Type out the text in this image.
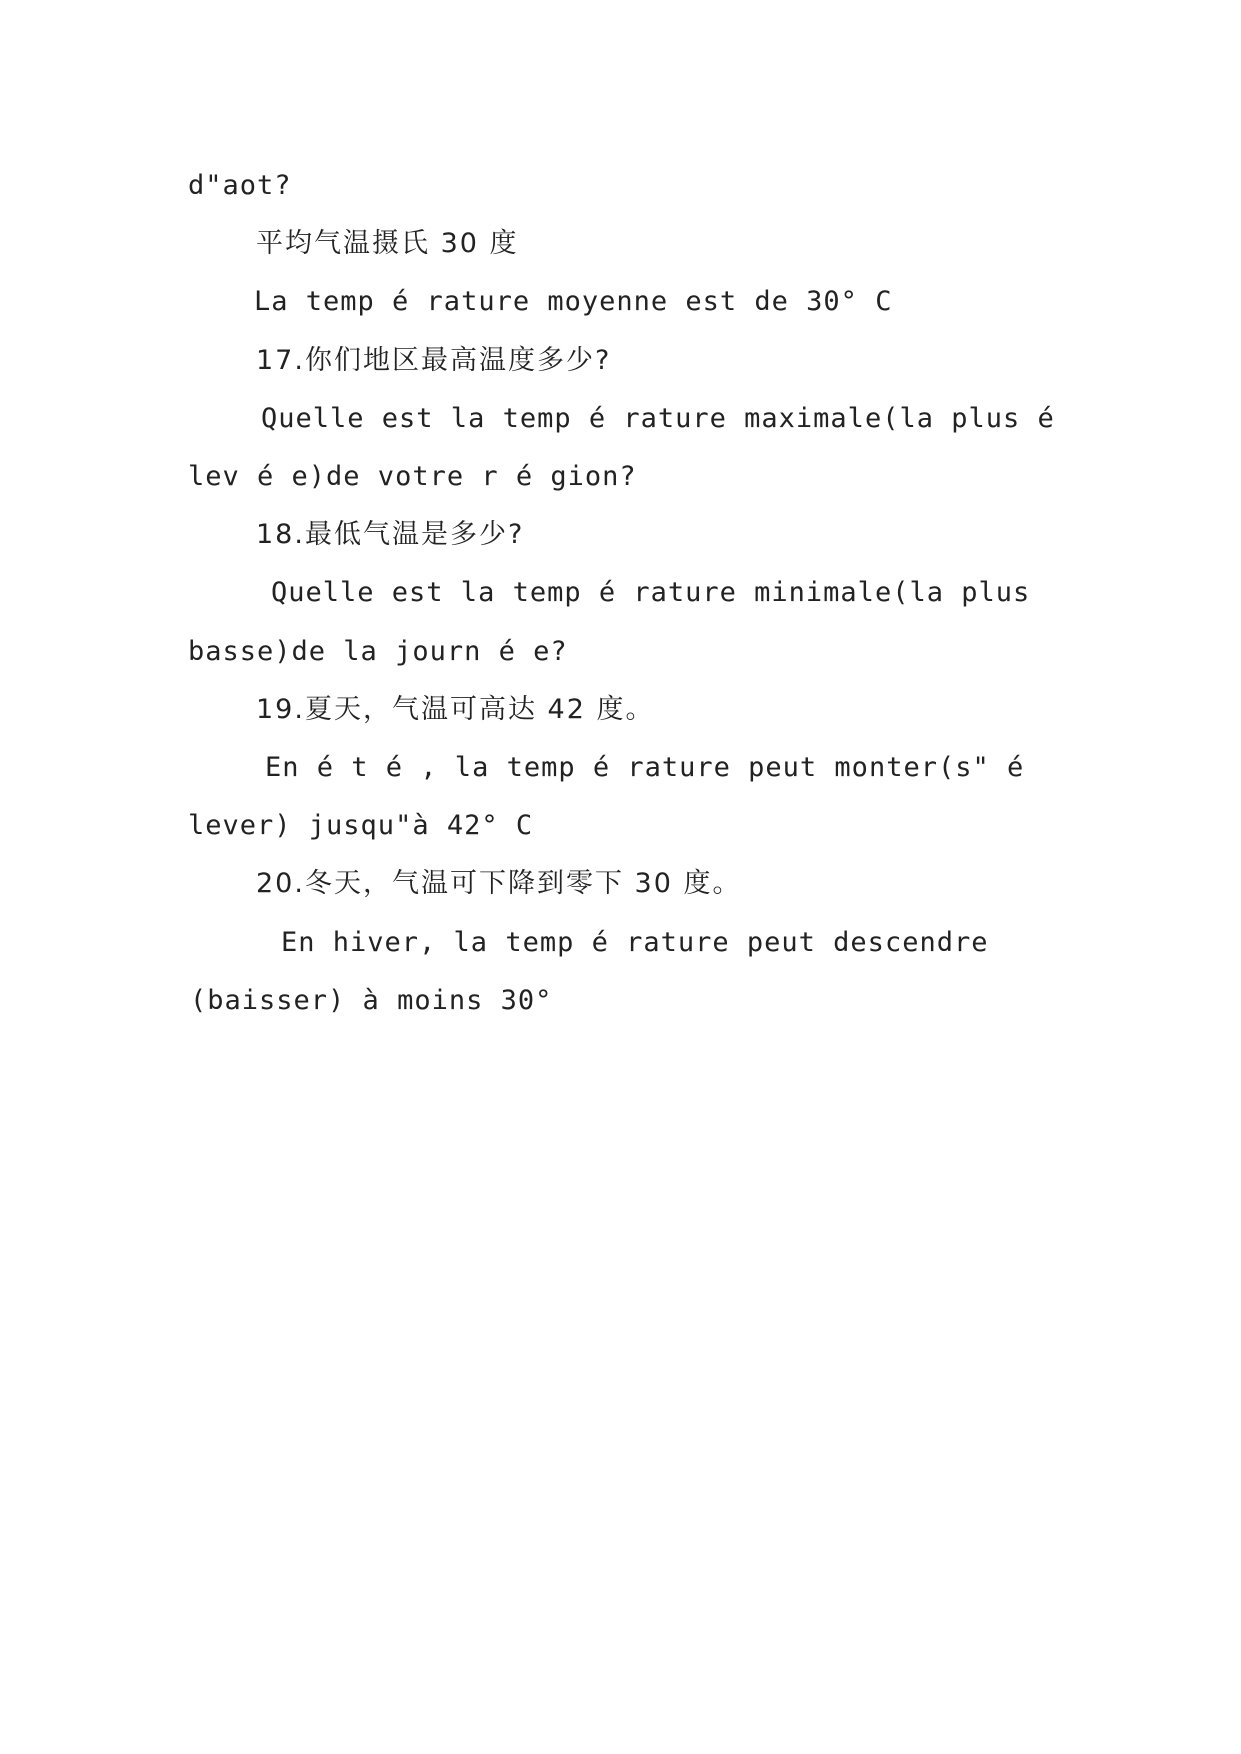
d"aot?
平均气温摄氏 30 度
La temp é rature moyenne est de 30° C
17.你们地区最高温度多少?
Quelle est la temp é rature maximale(la plus é
lev é e)de votre r é gion?
18.最低气温是多少?
Quelle est la temp é rature minimale(la plus
basse)de la journ é e?
19.夏天，气温可高达 42 度。
En é t é , la temp é rature peut monter(s" é
lever) jusqu"à 42° C
20.冬天，气温可下降到零下 30 度。
En hiver, la temp é rature peut descendre
(baisser) à moins 30°
